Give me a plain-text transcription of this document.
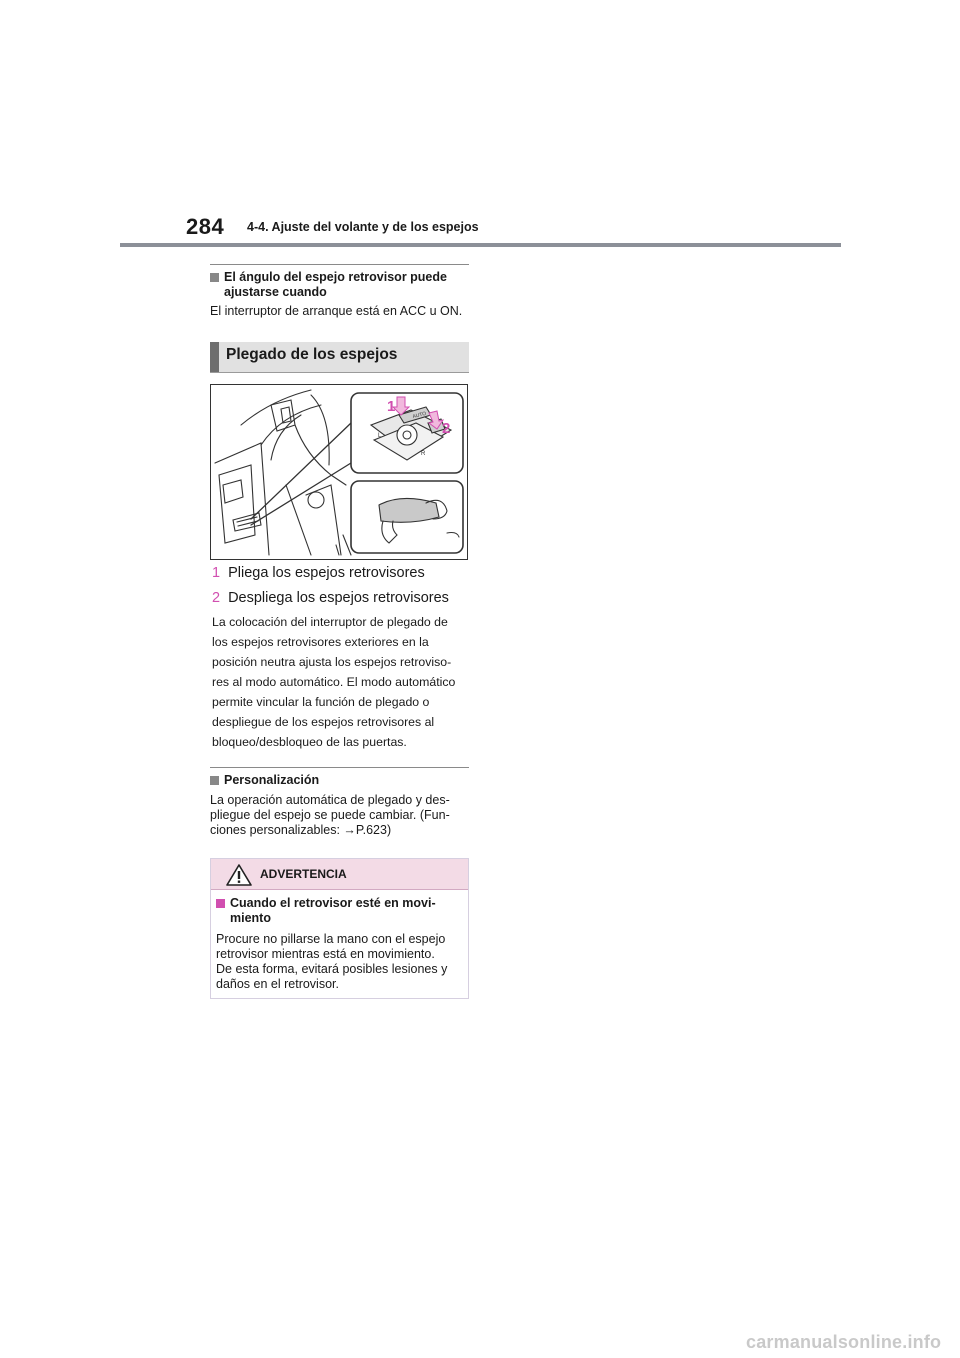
284 4-4. Ajuste del volante y de los espejos
El ángulo del espejo retrovisor puede
ajustarse cuando
El interruptor de arranque está en ACC u ON.
Plegado de los espejos
1
2
AUTO
L
R
1 Pliega los espejos retrovisores
2 Despliega los espejos retrovisores
La colocación del interruptor de plegado de
los espejos retrovisores exteriores en la
posición neutra ajusta los espejos retroviso-
res al modo automático. El modo automático
permite vincular la función de plegado o
despliegue de los espejos retrovisores al
bloqueo/desbloqueo de las puertas.
Personalización
La operación automática de plegado y des-
pliegue del espejo se puede cambiar. (Fun-
ciones personalizables: →P.623)
ADVERTENCIA
Cuando el retrovisor esté en movi-
miento
Procure no pillarse la mano con el espejo
retrovisor mientras está en movimiento.
De esta forma, evitará posibles lesiones y
daños en el retrovisor.
carmanualsonline.info
